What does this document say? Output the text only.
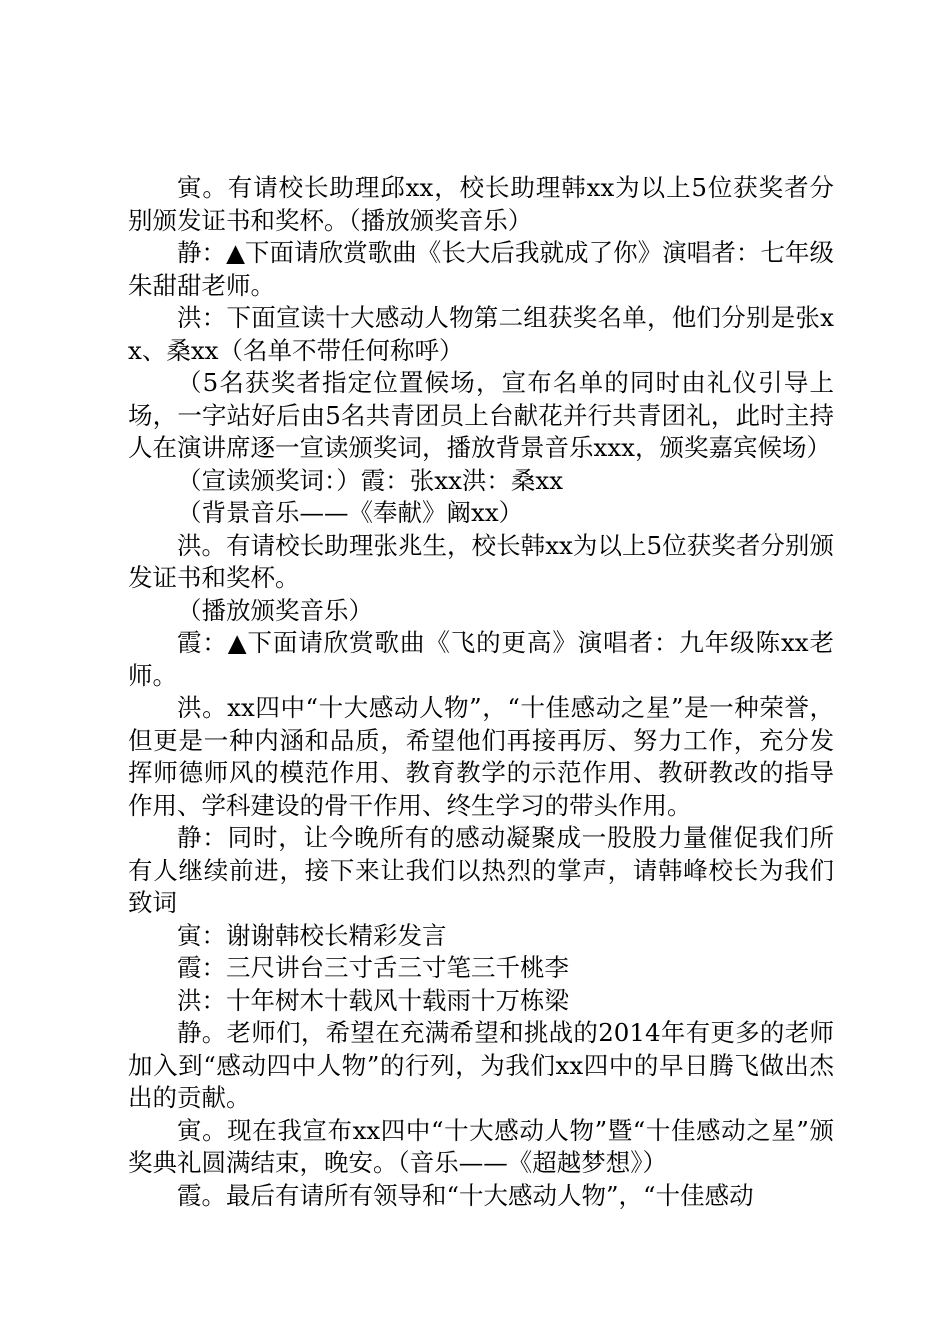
寅。有请校长助理邱xx，校长助理韩xx为以上5位获奖者分别颁发证书和奖杯。（播放颁奖音乐）

静：▲下面请欣赏歌曲《长大后我就成了你》演唱者：七年级朱甜甜老师。

洪：下面宣读十大感动人物第二组获奖名单，他们分别是张xx、桑xx（名单不带任何称呼）

（5名获奖者指定位置候场，宣布名单的同时由礼仪引导上场，一字站好后由5名共青团员上台献花并行共青团礼，此时主持人在演讲席逐一宣读颁奖词，播放背景音乐xxx，颁奖嘉宾候场）

（宣读颁奖词：）霞：张xx洪：桑xx

（背景音乐——《奉献》阚xx）

洪。有请校长助理张兆生，校长韩xx为以上5位获奖者分别颁发证书和奖杯。

（播放颁奖音乐）

霞：▲下面请欣赏歌曲《飞的更高》演唱者：九年级陈xx老师。

洪。xx四中“十大感动人物”，“十佳感动之星”是一种荣誉，但更是一种内涵和品质，希望他们再接再厉、努力工作，充分发挥师德师风的模范作用、教育教学的示范作用、教研教改的指导作用、学科建设的骨干作用、终生学习的带头作用。

静：同时，让今晚所有的感动凝聚成一股股力量催促我们所有人继续前进，接下来让我们以热烈的掌声，请韩峰校长为我们致词

寅：谢谢韩校长精彩发言

霞：三尺讲台三寸舌三寸笔三千桃李

洪：十年树木十载风十载雨十万栋梁

静。老师们，希望在充满希望和挑战的2014年有更多的老师加入到“感动四中人物”的行列，为我们xx四中的早日腾飞做出杰出的贡献。

寅。现在我宣布xx四中“十大感动人物”暨“十佳感动之星”颁奖典礼圆满结束，晚安。（音乐——《超越梦想》）

霞。最后有请所有领导和“十大感动人物”，“十佳感动
